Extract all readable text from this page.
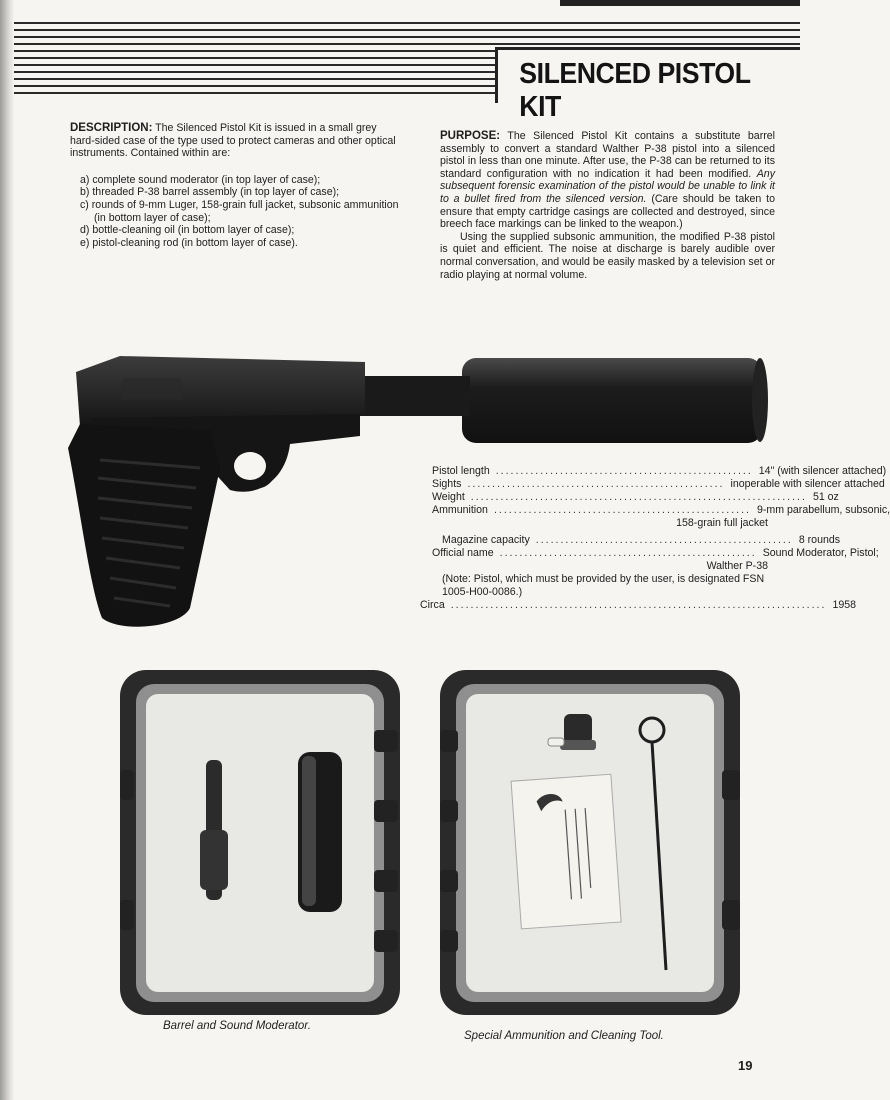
SILENCED PISTOL KIT

DESCRIPTION: The Silenced Pistol Kit is issued in a small grey hard-sided case of the type used to protect cameras and other optical instruments. Contained within are:

a) complete sound moderator (in top layer of case);
b) threaded P-38 barrel assembly (in top layer of case);
c) rounds of 9-mm Luger, 158-grain full jacket, subsonic ammunition (in bottom layer of case);
d) bottle-cleaning oil (in bottom layer of case);
e) pistol-cleaning rod (in bottom layer of case).

PURPOSE: The Silenced Pistol Kit contains a substitute barrel assembly to convert a standard Walther P-38 pistol into a silenced pistol in less than one minute. After use, the P-38 can be returned to its standard configuration with no indication it had been modified. Any subsequent forensic examination of the pistol would be unable to link it to a bullet fired from the silenced version. (Care should be taken to ensure that empty cartridge casings are collected and destroyed, since breech face markings can be linked to the weapon.)

Using the supplied subsonic ammunition, the modified P-38 pistol is quiet and efficient. The noise at discharge is barely audible over normal conversation, and would be easily masked by a television set or radio playing at normal volume.

Pistol length .................................................... 14" (with silencer attached)
Sights .................................................... inoperable with silencer attached
Weight .................................................................... 51 oz
Ammunition .................................................... 9-mm parabellum, subsonic,
158-grain full jacket
Magazine capacity .................................................... 8 rounds
Official name .................................................... Sound Moderator, Pistol;
Walther P-38
(Note: Pistol, which must be provided by the user, is designated FSN 1005-H00-0086.)
Circa ............................................................................ 1958
Barrel and Sound Moderator.
Special Ammunition and Cleaning Tool.
19
